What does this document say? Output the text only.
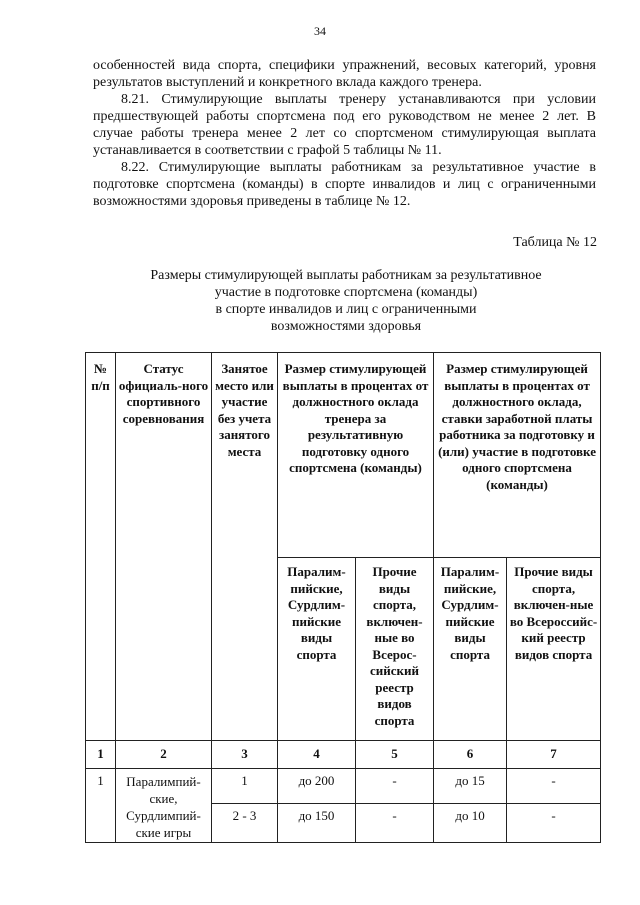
34

особенностей вида спорта, специфики упражнений, весовых категорий, уровня результатов выступлений и конкретного вклада каждого тренера.

8.21. Стимулирующие выплаты тренеру устанавливаются при условии предшествующей работы спортсмена под его руководством не менее 2 лет. В случае работы тренера менее 2 лет со спортсменом стимулирующая выплата устанавливается в соответствии с графой 5 таблицы № 11.

8.22. Стимулирующие выплаты работникам за результативное участие в подготовке спортсмена (команды) в спорте инвалидов и лиц с ограниченными возможностями здоровья приведены в таблице № 12.

Таблица № 12
Размеры стимулирующей выплаты работникам за результативное
участие в подготовке спортсмена (команды)
в спорте инвалидов и лиц с ограниченными
возможностями здоровья
№ п/п	Статус официаль-ного спортивного соревнования	Занятое место или участие без учета занятого места	Размер стимулирующей выплаты в процентах от должностного оклада тренера за результативную подготовку одного спортсмена (команды)		Размер стимулирующей выплаты в процентах от должностного оклада, ставки заработной платы работника за подготовку и (или) участие в подготовке одного спортсмена (команды)	
			Паралим-пийские, Сурдлим-пийские виды спорта	Прочие виды спорта, включен-ные во Всерос-сийский реестр видов спорта	Паралим-пийские, Сурдлим-пийские виды спорта	Прочие виды спорта, включен-ные во Всероссийс-кий реестр видов спорта
1	2	3	4	5	6	7
1	Паралимпий-ские, Сурдлимпий-ские игры	1	до 200	-	до 15	-
		2 - 3	до 150	-	до 10	-
